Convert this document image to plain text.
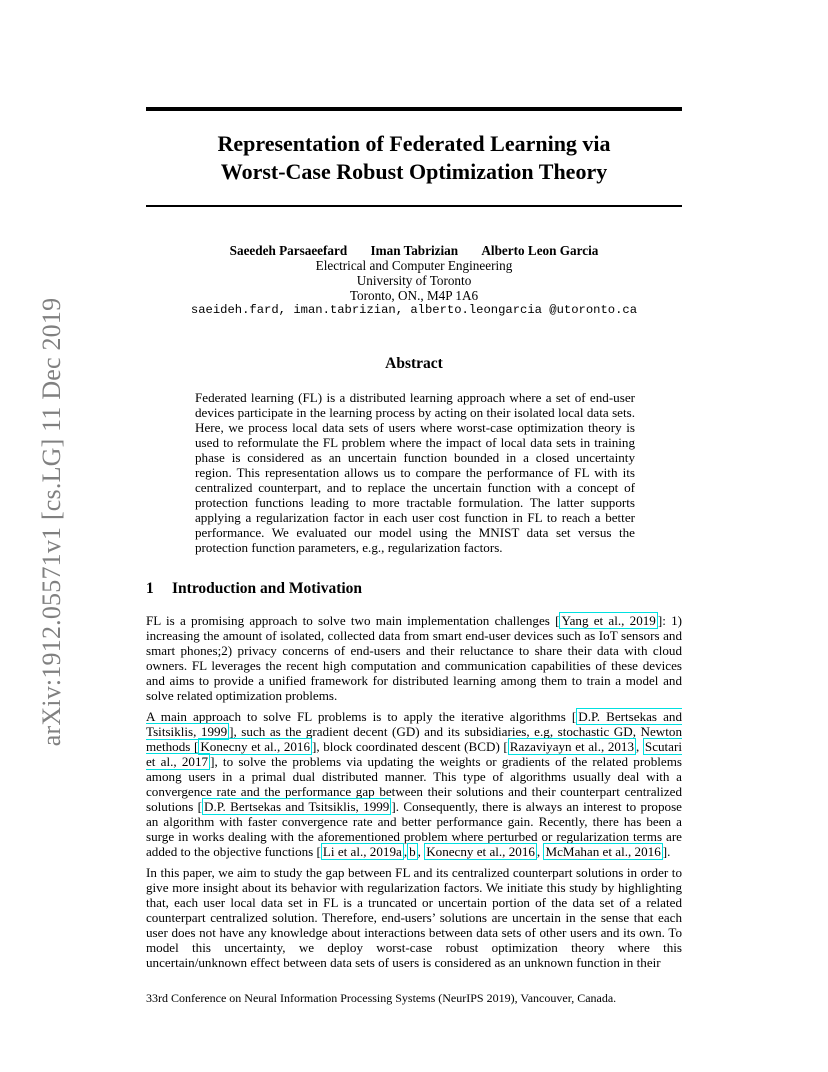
arXiv:1912.05571v1 [cs.LG] 11 Dec 2019
Representation of Federated Learning via
Worst-Case Robust Optimization Theory
Saeedeh Parsaeefard Iman Tabrizian Alberto Leon Garcia
Electrical and Computer Engineering
University of Toronto
Toronto, ON., M4P 1A6
saeideh.fard, iman.tabrizian, alberto.leongarcia @utoronto.ca
Abstract
Federated learning (FL) is a distributed learning approach where a set of end-user devices participate in the learning process by acting on their isolated local data sets. Here, we process local data sets of users where worst-case optimization theory is used to reformulate the FL problem where the impact of local data sets in training phase is considered as an uncertain function bounded in a closed uncertainty region. This representation allows us to compare the performance of FL with its centralized counterpart, and to replace the uncertain function with a concept of protection functions leading to more tractable formulation. The latter supports applying a regularization factor in each user cost function in FL to reach a better performance. We evaluated our model using the MNIST data set versus the protection function parameters, e.g., regularization factors.
1 Introduction and Motivation

FL is a promising approach to solve two main implementation challenges [ Yang et al., 2019 ]: 1) increasing the amount of isolated, collected data from smart end-user devices such as IoT sensors and smart phones;2) privacy concerns of end-users and their reluctance to share their data with cloud owners. FL leverages the recent high computation and communication capabilities of these devices and aims to provide a unified framework for distributed learning among them to train a model and solve related optimization problems.

A main approach to solve FL problems is to apply the iterative algorithms [ D.P. Bertsekas and Tsitsiklis, 1999 ], such as the gradient decent (GD) and its subsidiaries, e.g, stochastic GD, Newton methods [ Konecny et al., 2016 ], block coordinated descent (BCD) [ Razaviyayn et al., 2013 , Scutari et al., 2017 ], to solve the problems via updating the weights or gradients of the related problems among users in a primal dual distributed manner. This type of algorithms usually deal with a convergence rate and the performance gap between their solutions and their counterpart centralized solutions [ D.P. Bertsekas and Tsitsiklis, 1999 ]. Consequently, there is always an interest to propose an algorithm with faster convergence rate and better performance gain. Recently, there has been a surge in works dealing with the aforementioned problem where perturbed or regularization terms are added to the objective functions [ Li et al., 2019a , b , Konecny et al., 2016 , McMahan et al., 2016 ].

In this paper, we aim to study the gap between FL and its centralized counterpart solutions in order to give more insight about its behavior with regularization factors. We initiate this study by highlighting that, each user local data set in FL is a truncated or uncertain portion of the data set of a related counterpart centralized solution. Therefore, end-users’ solutions are uncertain in the sense that each user does not have any knowledge about interactions between data sets of other users and its own. To model this uncertainty, we deploy worst-case robust optimization theory where this uncertain/unknown effect between data sets of users is considered as an unknown function in their

33rd Conference on Neural Information Processing Systems (NeurIPS 2019), Vancouver, Canada.
